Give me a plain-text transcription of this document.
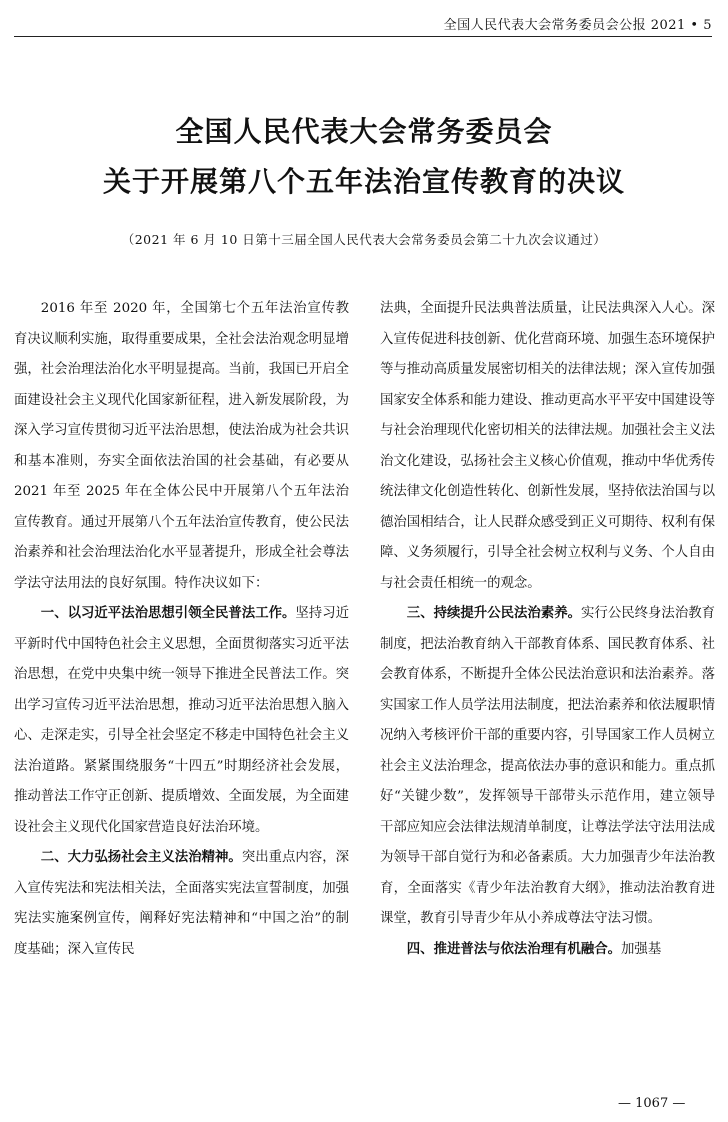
全国人民代表大会常务委员会公报 2021 • 5
全国人民代表大会常务委员会
关于开展第八个五年法治宣传教育的决议
（2021 年 6 月 10 日第十三届全国人民代表大会常务委员会第二十九次会议通过）

2016 年至 2020 年，全国第七个五年法治宣传教育决议顺利实施，取得重要成果，全社会法治观念明显增强，社会治理法治化水平明显提高。当前，我国已开启全面建设社会主义现代化国家新征程，进入新发展阶段，为深入学习宣传贯彻习近平法治思想，使法治成为社会共识和基本准则，夯实全面依法治国的社会基础，有必要从 2021 年至 2025 年在全体公民中开展第八个五年法治宣传教育。通过开展第八个五年法治宣传教育，使公民法治素养和社会治理法治化水平显著提升，形成全社会尊法学法守法用法的良好氛围。特作决议如下：

一、以习近平法治思想引领全民普法工作。坚持习近平新时代中国特色社会主义思想，全面贯彻落实习近平法治思想，在党中央集中统一领导下推进全民普法工作。突出学习宣传习近平法治思想，推动习近平法治思想入脑入心、走深走实，引导全社会坚定不移走中国特色社会主义法治道路。紧紧围绕服务“十四五”时期经济社会发展，推动普法工作守正创新、提质增效、全面发展，为全面建设社会主义现代化国家营造良好法治环境。

二、大力弘扬社会主义法治精神。突出重点内容，深入宣传宪法和宪法相关法，全面落实宪法宣誓制度，加强宪法实施案例宣传，阐释好宪法精神和“中国之治”的制度基础；深入宣传民

法典，全面提升民法典普法质量，让民法典深入人心。深入宣传促进科技创新、优化营商环境、加强生态环境保护等与推动高质量发展密切相关的法律法规；深入宣传加强国家安全体系和能力建设、推动更高水平平安中国建设等与社会治理现代化密切相关的法律法规。加强社会主义法治文化建设，弘扬社会主义核心价值观，推动中华优秀传统法律文化创造性转化、创新性发展，坚持依法治国与以德治国相结合，让人民群众感受到正义可期待、权利有保障、义务须履行，引导全社会树立权利与义务、个人自由与社会责任相统一的观念。

三、持续提升公民法治素养。实行公民终身法治教育制度，把法治教育纳入干部教育体系、国民教育体系、社会教育体系，不断提升全体公民法治意识和法治素养。落实国家工作人员学法用法制度，把法治素养和依法履职情况纳入考核评价干部的重要内容，引导国家工作人员树立社会主义法治理念，提高依法办事的意识和能力。重点抓好“关键少数”，发挥领导干部带头示范作用，建立领导干部应知应会法律法规清单制度，让尊法学法守法用法成为领导干部自觉行为和必备素质。大力加强青少年法治教育，全面落实《青少年法治教育大纲》，推动法治教育进课堂，教育引导青少年从小养成尊法守法习惯。

四、推进普法与依法治理有机融合。加强基

— 1067 —
